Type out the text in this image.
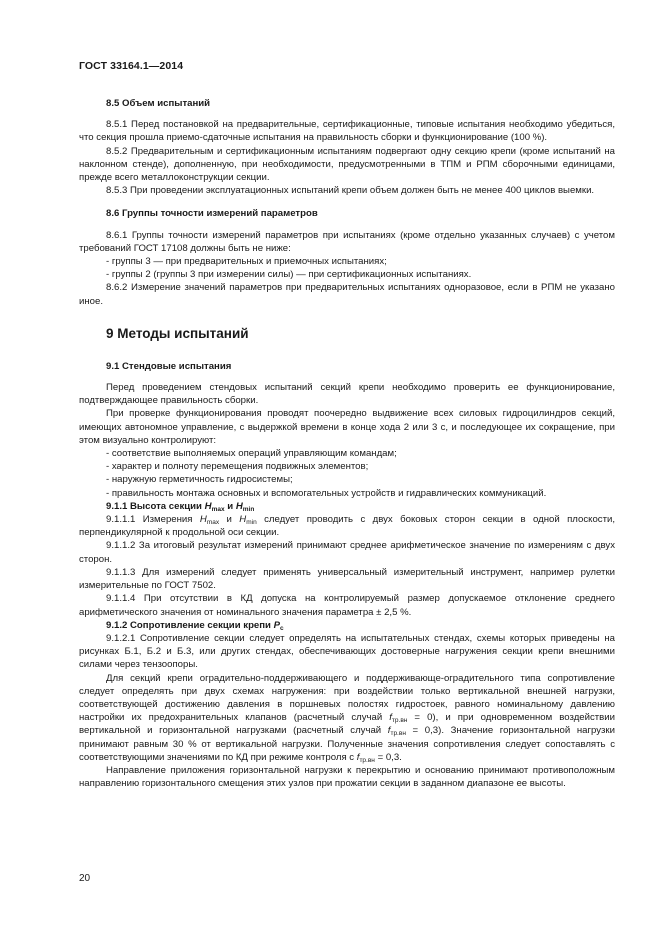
ГОСТ 33164.1—2014

8.5 Объем испытаний

8.5.1 Перед постановкой на предварительные, сертификационные, типовые испытания необходимо убедиться, что секция прошла приемо-сдаточные испытания на правильность сборки и функционирование (100 %).

8.5.2 Предварительным и сертификационным испытаниям подвергают одну секцию крепи (кроме испытаний на наклонном стенде), дополненную, при необходимости, предусмотренными в ТПМ и РПМ сборочными единицами, прежде всего металлоконструкции секции.

8.5.3 При проведении эксплуатационных испытаний крепи объем должен быть не менее 400 циклов выемки.

8.6 Группы точности измерений параметров

8.6.1 Группы точности измерений параметров при испытаниях (кроме отдельно указанных случаев) с учетом требований ГОСТ 17108 должны быть не ниже:

- группы 3 — при предварительных и приемочных испытаниях;

- группы 2 (группы 3 при измерении силы) — при сертификационных испытаниях.

8.6.2 Измерение значений параметров при предварительных испытаниях одноразовое, если в РПМ не указано иное.

9 Методы испытаний

9.1 Стендовые испытания

Перед проведением стендовых испытаний секций крепи необходимо проверить ее функционирование, подтверждающее правильность сборки.

При проверке функционирования проводят поочередно выдвижение всех силовых гидроцилиндров секций, имеющих автономное управление, с выдержкой времени в конце хода 2 или 3 с, и последующее их сокращение, при этом визуально контролируют:

- соответствие выполняемых операций управляющим командам;

- характер и полноту перемещения подвижных элементов;

- наружную герметичность гидросистемы;

- правильность монтажа основных и вспомогательных устройств и гидравлических коммуникаций.

9.1.1 Высота секции $H_{max}$ и $H_{min}$

9.1.1.1 Измерения $H_{max}$ и $H_{min}$ следует проводить с двух боковых сторон секции в одной плоскости, перпендикулярной к продольной оси секции.

9.1.1.2 За итоговый результат измерений принимают среднее арифметическое значение по измерениям с двух сторон.

9.1.1.3 Для измерений следует применять универсальный измерительный инструмент, например рулетки измерительные по ГОСТ 7502.

9.1.1.4 При отсутствии в КД допуска на контролируемый размер допускаемое отклонение среднего арифметического значения от номинального значения параметра ± 2,5 %.

9.1.2 Сопротивление секции крепи $P_c$

9.1.2.1 Сопротивление секции следует определять на испытательных стендах, схемы которых приведены на рисунках Б.1, Б.2 и Б.3, или других стендах, обеспечивающих достоверные нагружения секции крепи внешними силами через тензоопоры.

Для секций крепи оградительно-поддерживающего и поддерживающе-оградительного типа сопротивление следует определять при двух схемах нагружения: при воздействии только вертикальной внешней нагрузки, соответствующей достижению давления в поршневых полостях гидростоек, равного номинальному давлению настройки их предохранительных клапанов (расчетный случай $f_{тр.вн} = 0$), и при одновременном воздействии вертикальной и горизонтальной нагрузками (расчетный случай $f_{тр.вн} = 0,3$). Значение горизонтальной нагрузки принимают равным 30 % от вертикальной нагрузки. Полученные значения сопротивления следует сопоставлять с соответствующими значениями по КД при режиме контроля с $f_{тр.вн} = 0,3$.

Направление приложения горизонтальной нагрузки к перекрытию и основанию принимают противоположным направлению горизонтального смещения этих узлов при прожатии секции в заданном диапазоне ее высоты.

20
